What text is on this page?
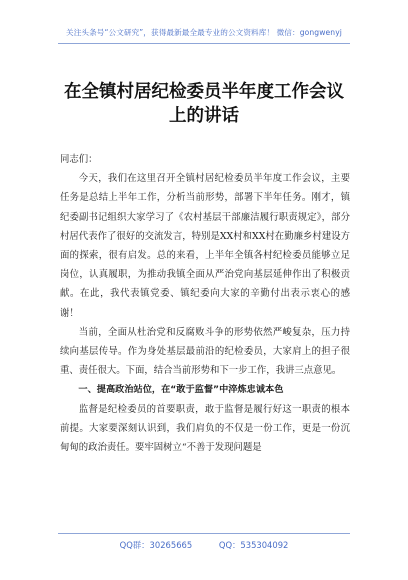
关注头条号“公文研究”，获得最新最全最专业的公文资料库！ 微信：gongwenyj
在全镇村居纪检委员半年度工作会议
上的讲话

同志们：

今天，我们在这里召开全镇村居纪检委员半年度工作会议，主要任务是总结上半年工作，分析当前形势，部署下半年任务。刚才，镇纪委副书记组织大家学习了《农村基层干部廉洁履行职责规定》，部分村居代表作了很好的交流发言，特别是XX村和XX村在勤廉乡村建设方面的探索，很有启发。总的来看，上半年全镇各村纪检委员能够立足岗位，认真履职，为推动我镇全面从严治党向基层延伸作出了积极贡献。在此，我代表镇党委、镇纪委向大家的辛勤付出表示衷心的感谢！

当前，全面从杜治党和反腐败斗争的形势依然严峻复杂，压力持续向基层传导。作为身处基层最前沿的纪检委员，大家肩上的担子很重、责任很大。下面，结合当前形势和下一步工作，我讲三点意见。

一、提高政治站位，在“敢于监督”中淬炼忠诚本色

监督是纪检委员的首要职责，敢于监督是履行好这一职责的根本前提。大家要深刻认识到，我们肩负的不仅是一份工作，更是一份沉甸甸的政治责任。要牢固树立“不善于发现问题是

QQ群：30265665	QQ：535304092
